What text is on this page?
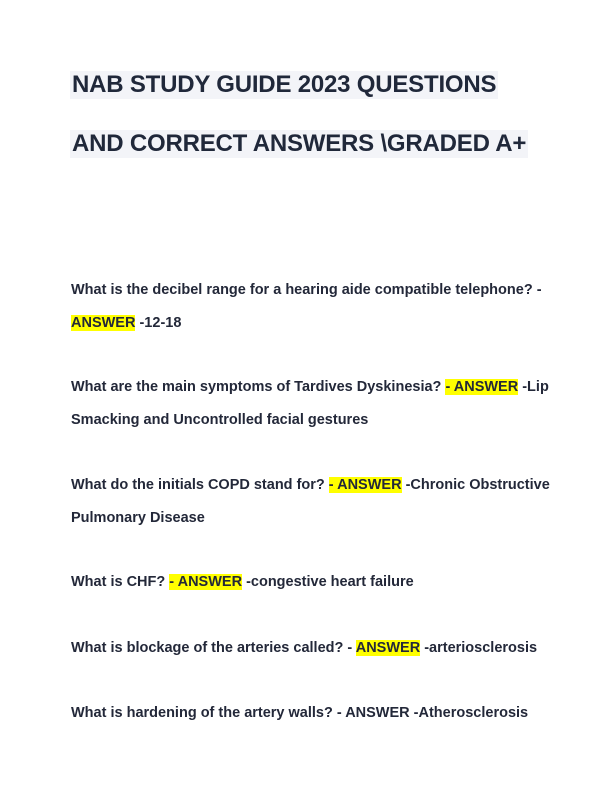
NAB STUDY GUIDE 2023 QUESTIONS
AND CORRECT ANSWERS \GRADED A+
What is the decibel range for a hearing aide compatible telephone? -
ANSWER -12-18
What are the main symptoms of Tardives Dyskinesia? - ANSWER -Lip
Smacking and Uncontrolled facial gestures
What do the initials COPD stand for? - ANSWER -Chronic Obstructive
Pulmonary Disease
What is CHF? - ANSWER -congestive heart failure
What is blockage of the arteries called? - ANSWER -arteriosclerosis
What is hardening of the artery walls? - ANSWER -Atherosclerosis
